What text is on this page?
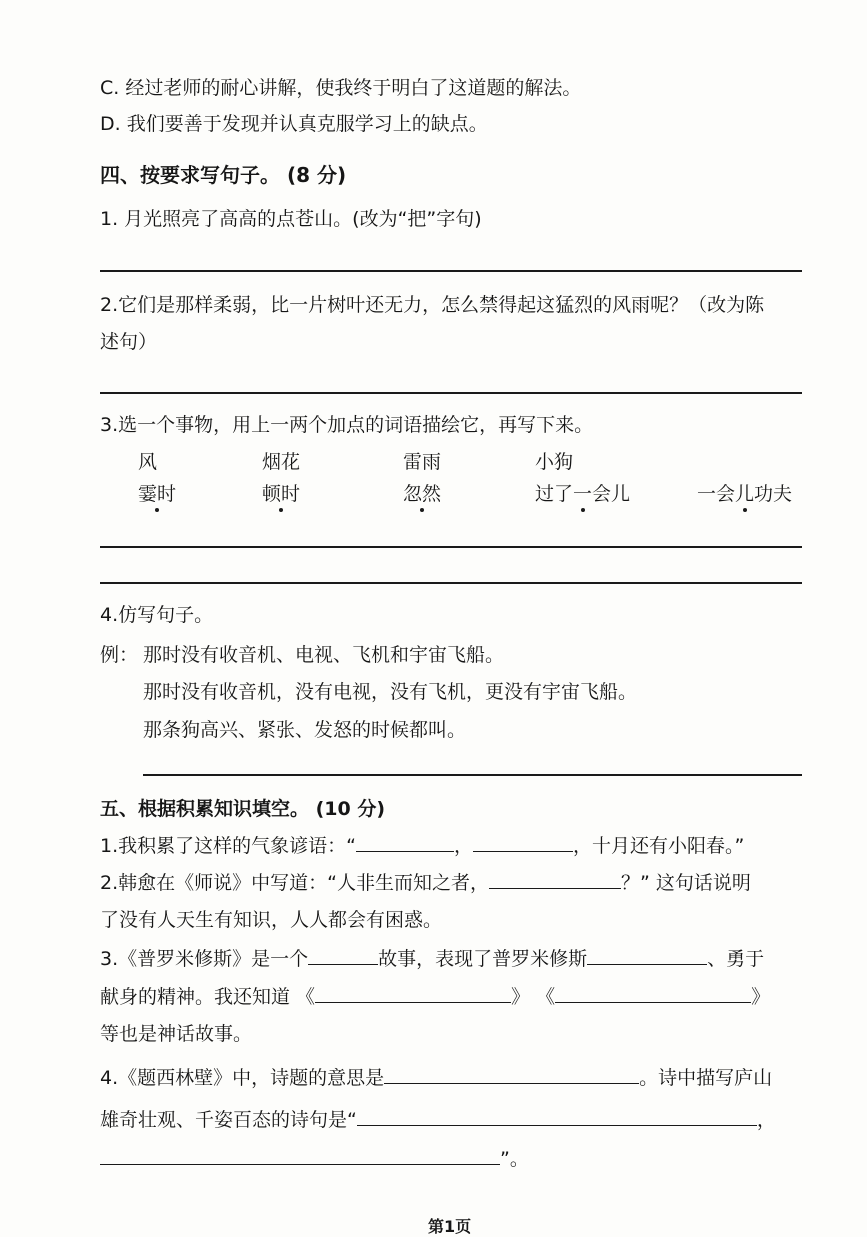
C. 经过老师的耐心讲解，使我终于明白了这道题的解法。
D. 我们要善于发现并认真克服学习上的缺点。
四、按要求写句子。 (8 分)
1. 月光照亮了高高的点苍山。(改为“把”字句)
2.它们是那样柔弱，比一片树叶还无力，怎么禁得起这猛烈的风雨呢？（改为陈
述句）
3.选一个事物，用上一两个加点的词语描绘它，再写下来。
风	烟花	雷雨	小狗
霎时	顿时	忽然	过了一会儿	一会儿功夫
4.仿写句子。
例： 那时没有收音机、电视、飞机和宇宙飞船。
那时没有收音机，没有电视，没有飞机，更没有宇宙飞船。
那条狗高兴、紧张、发怒的时候都叫。
五、根据积累知识填空。 (10 分)
1.我积累了这样的气象谚语：“	，	，十月还有小阳春。”
2.韩愈在《师说》中写道：“人非生而知之者，	？” 这句话说明
了没有人天生有知识，人人都会有困惑。
3.《普罗米修斯》是一个	故事，表现了普罗米修斯	、勇于
献身的精神。我还知道 《	》 《	》
等也是神话故事。
4.《题西林壁》中，诗题的意思是	。诗中描写庐山
雄奇壮观、千姿百态的诗句是“	，
”。
第1页
